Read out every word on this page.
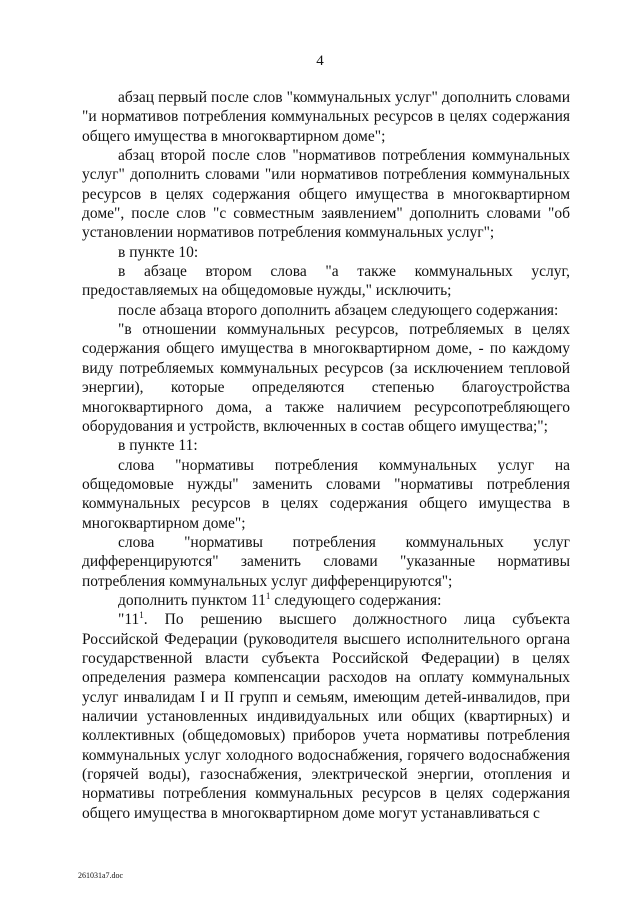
4

абзац первый после слов "коммунальных услуг" дополнить словами "и нормативов потребления коммунальных ресурсов в целях содержания общего имущества в многоквартирном доме";

абзац второй после слов "нормативов потребления коммунальных услуг" дополнить словами "или нормативов потребления коммунальных ресурсов в целях содержания общего имущества в многоквартирном доме", после слов "с совместным заявлением" дополнить словами "об установлении нормативов потребления коммунальных услуг";

в пункте 10:

в абзаце втором слова "а также коммунальных услуг, предоставляемых на общедомовые нужды," исключить;

после абзаца второго дополнить абзацем следующего содержания:

"в отношении коммунальных ресурсов, потребляемых в целях содержания общего имущества в многоквартирном доме, - по каждому виду потребляемых коммунальных ресурсов (за исключением тепловой энергии), которые определяются степенью благоустройства многоквартирного дома, а также наличием ресурсопотребляющего оборудования и устройств, включенных в состав общего имущества;";

в пункте 11:

слова "нормативы потребления коммунальных услуг на общедомовые нужды" заменить словами "нормативы потребления коммунальных ресурсов в целях содержания общего имущества в многоквартирном доме";

слова "нормативы потребления коммунальных услуг дифференцируются" заменить словами "указанные нормативы потребления коммунальных услуг дифференцируются";

дополнить пунктом $11^1$ следующего содержания:

"$11^1$. По решению высшего должностного лица субъекта Российской Федерации (руководителя высшего исполнительного органа государственной власти субъекта Российской Федерации) в целях определения размера компенсации расходов на оплату коммунальных услуг инвалидам I и II групп и семьям, имеющим детей-инвалидов, при наличии установленных индивидуальных или общих (квартирных) и коллективных (общедомовых) приборов учета нормативы потребления коммунальных услуг холодного водоснабжения, горячего водоснабжения (горячей воды), газоснабжения, электрической энергии, отопления и нормативы потребления коммунальных ресурсов в целях содержания общего имущества в многоквартирном доме могут устанавливаться с

261031a7.doc
